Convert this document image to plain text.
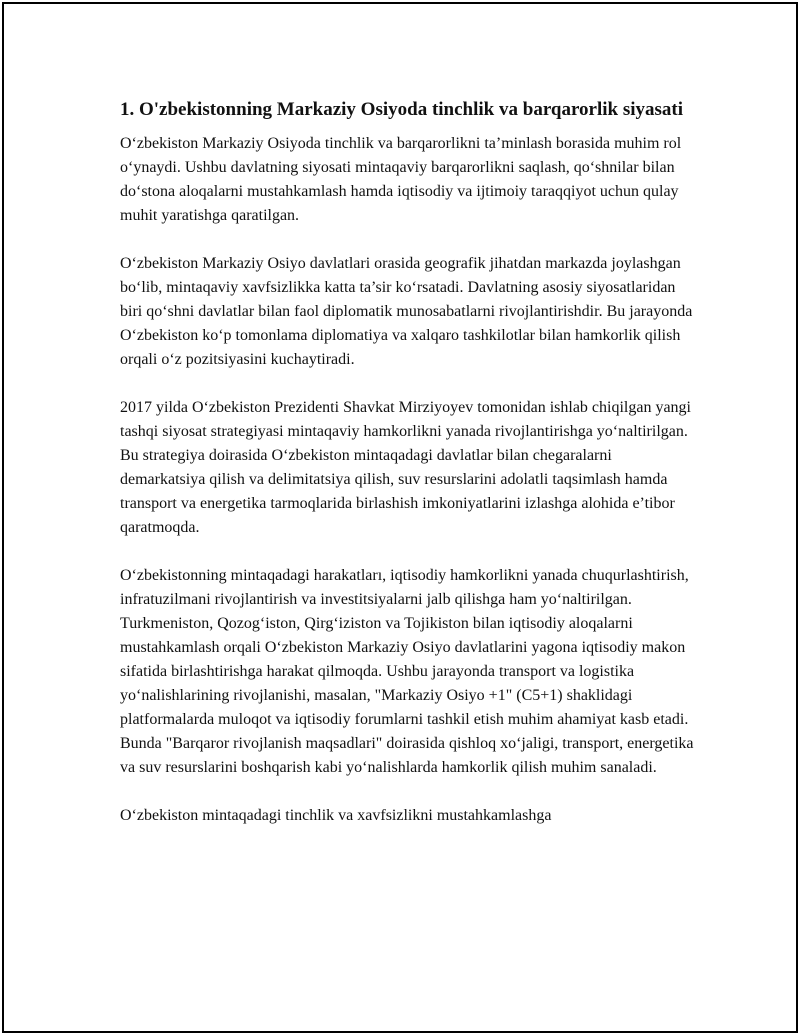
1. O'zbekistonning Markaziy Osiyoda tinchlik va barqarorlik siyasati

O‘zbekiston Markaziy Osiyoda tinchlik va barqarorlikni ta’minlash borasida muhim rol o‘ynaydi. Ushbu davlatning siyosati mintaqaviy barqarorlikni saqlash, qo‘shnilar bilan do‘stona aloqalarni mustahkamlash hamda iqtisodiy va ijtimoiy taraqqiyot uchun qulay muhit yaratishga qaratilgan.

O‘zbekiston Markaziy Osiyo davlatlari orasida geografik jihatdan markazda joylashgan bo‘lib, mintaqaviy xavfsizlikka katta ta’sir ko‘rsatadi. Davlatning asosiy siyosatlaridan biri qo‘shni davlatlar bilan faol diplomatik munosabatlarni rivojlantirishdir. Bu jarayonda O‘zbekiston ko‘p tomonlama diplomatiya va xalqaro tashkilotlar bilan hamkorlik qilish orqali o‘z pozitsiyasini kuchaytiradi.

2017 yilda O‘zbekiston Prezidenti Shavkat Mirziyoyev tomonidan ishlab chiqilgan yangi tashqi siyosat strategiyasi mintaqaviy hamkorlikni yanada rivojlantirishga yo‘naltirilgan. Bu strategiya doirasida O‘zbekiston mintaqadagi davlatlar bilan chegaralarni demarkatsiya qilish va delimitatsiya qilish, suv resurslarini adolatli taqsimlash hamda transport va energetika tarmoqlarida birlashish imkoniyatlarini izlashga alohida e’tibor qaratmoqda.

O‘zbekistonning mintaqadagi harakatları, iqtisodiy hamkorlikni yanada chuqurlashtirish, infratuzilmani rivojlantirish va investitsiyalarni jalb qilishga ham yo‘naltirilgan. Turkmeniston, Qozog‘iston, Qirg‘iziston va Tojikiston bilan iqtisodiy aloqalarni mustahkamlash orqali O‘zbekiston Markaziy Osiyo davlatlarini yagona iqtisodiy makon sifatida birlashtirishga harakat qilmoqda. Ushbu jarayonda transport va logistika yo‘nalishlarining rivojlanishi, masalan, "Markaziy Osiyo +1" (C5+1) shaklidagi platformalarda muloqot va iqtisodiy forumlarni tashkil etish muhim ahamiyat kasb etadi. Bunda "Barqaror rivojlanish maqsadlari" doirasida qishloq xo‘jaligi, transport, energetika va suv resurslarini boshqarish kabi yo‘nalishlarda hamkorlik qilish muhim sanaladi.

O‘zbekiston mintaqadagi tinchlik va xavfsizlikni mustahkamlashga
